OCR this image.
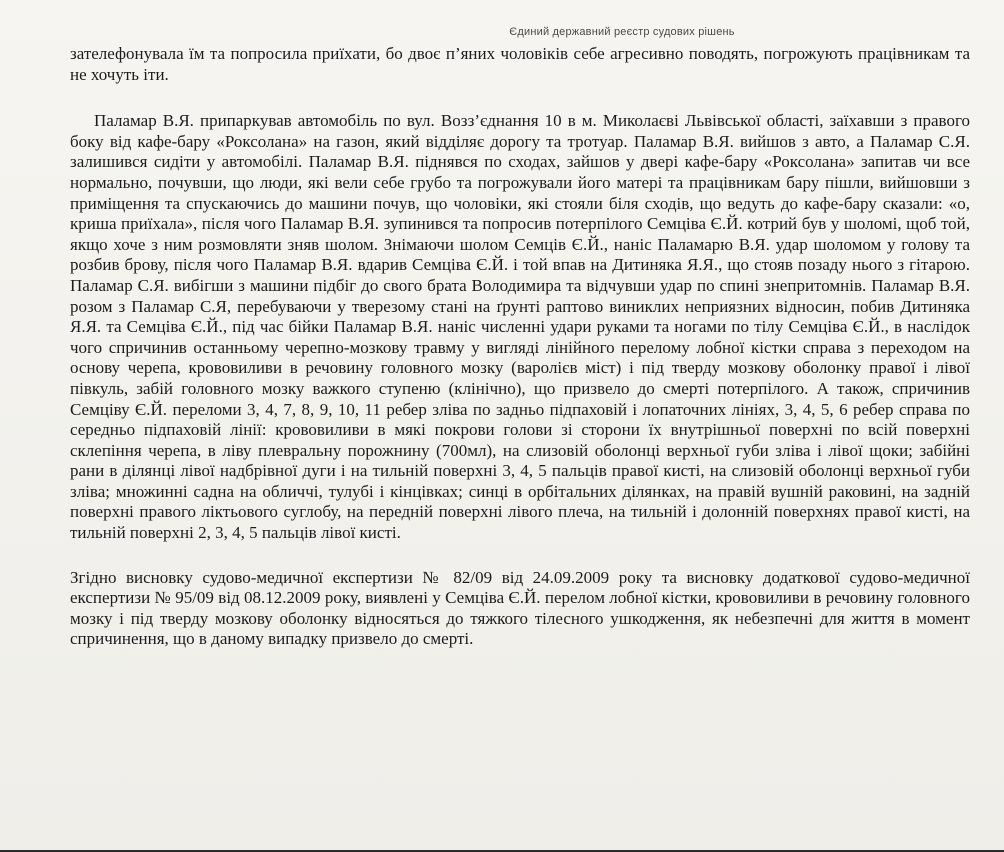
Єдиний державний реєстр судових рішень

зателефонувала їм та попросила приїхати, бо двоє п’яних чоловіків себе агресивно поводять, погрожують працівникам та не хочуть іти.

Паламар В.Я. припаркував автомобіль по вул. Возз’єднання 10 в м. Миколаєві Львівської області, заїхавши з правого боку від кафе-бару «Роксолана» на газон, який відділяє дорогу та тротуар. Паламар В.Я. вийшов з авто, а Паламар С.Я. залишився сидіти у автомобілі. Паламар В.Я. піднявся по сходах, зайшов у двері кафе-бару «Роксолана» запитав чи все нормально, почувши, що люди, які вели себе грубо та погрожували його матері та працівникам бару пішли, вийшовши з приміщення та спускаючись до машини почув, що чоловіки, які стояли біля сходів, що ведуть до кафе-бару сказали: «о, криша приїхала», після чого Паламар В.Я. зупинився та попросив потерпілого Семціва Є.Й. котрий був у шоломі, щоб той, якщо хоче з ним розмовляти зняв шолом. Знімаючи шолом Семців Є.Й., наніс Паламарю В.Я. удар шоломом у голову та розбив брову, після чого Паламар В.Я. вдарив Семціва Є.Й. і той впав на Дитиняка Я.Я., що стояв позаду нього з гітарою. Паламар С.Я. вибігши з машини підбіг до свого брата Володимира та відчувши удар по спині знепритомнів. Паламар В.Я. розом з Паламар С.Я, перебуваючи у тверезому стані на ґрунті раптово виниклих неприязних відносин, побив Дитиняка Я.Я. та Семціва Є.Й., під час бійки Паламар В.Я. наніс численні удари руками та ногами по тілу Семціва Є.Й., в наслідок чого спричинив останньому черепно-мозкову травму у вигляді лінійного перелому лобної кістки справа з переходом на основу черепа, крововиливи в речовину головного мозку (варолієв міст) і під тверду мозкову оболонку правої і лівої півкуль, забій головного мозку важкого ступеню (клінічно), що призвело до смерті потерпілого. А також, спричинив Семціву Є.Й. переломи 3, 4, 7, 8, 9, 10, 11 ребер зліва по задньо підпаховій і лопаточних лініях, 3, 4, 5, 6 ребер справа по середньо підпаховій лінії: крововиливи в мякі покрови голови зі сторони їх внутрішньої поверхні по всій поверхні склепіння черепа, в ліву плевральну порожнину (700мл), на слизовій оболонці верхньої губи зліва і лівої щоки; забійні рани в ділянці лівої надбрівної дуги і на тильній поверхні 3, 4, 5 пальців правої кисті, на слизовій оболонці верхньої губи зліва; множинні садна на обличчі, тулубі і кінцівках; синці в орбітальних ділянках, на правій вушній раковині, на задній поверхні правого ліктьового суглобу, на передній поверхні лівого плеча, на тильній і долонній поверхнях правої кисті, на тильній поверхні 2, 3, 4, 5 пальців лівої кисті.

Згідно висновку судово-медичної експертизи № 82/09 від 24.09.2009 року та висновку додаткової судово-медичної експертизи № 95/09 від 08.12.2009 року, виявлені у Семціва Є.Й. перелом лобної кістки, крововиливи в речовину головного мозку і під тверду мозкову оболонку відносяться до тяжкого тілесного ушкодження, як небезпечні для життя в момент спричинення, що в даному випадку призвело до смерті.
